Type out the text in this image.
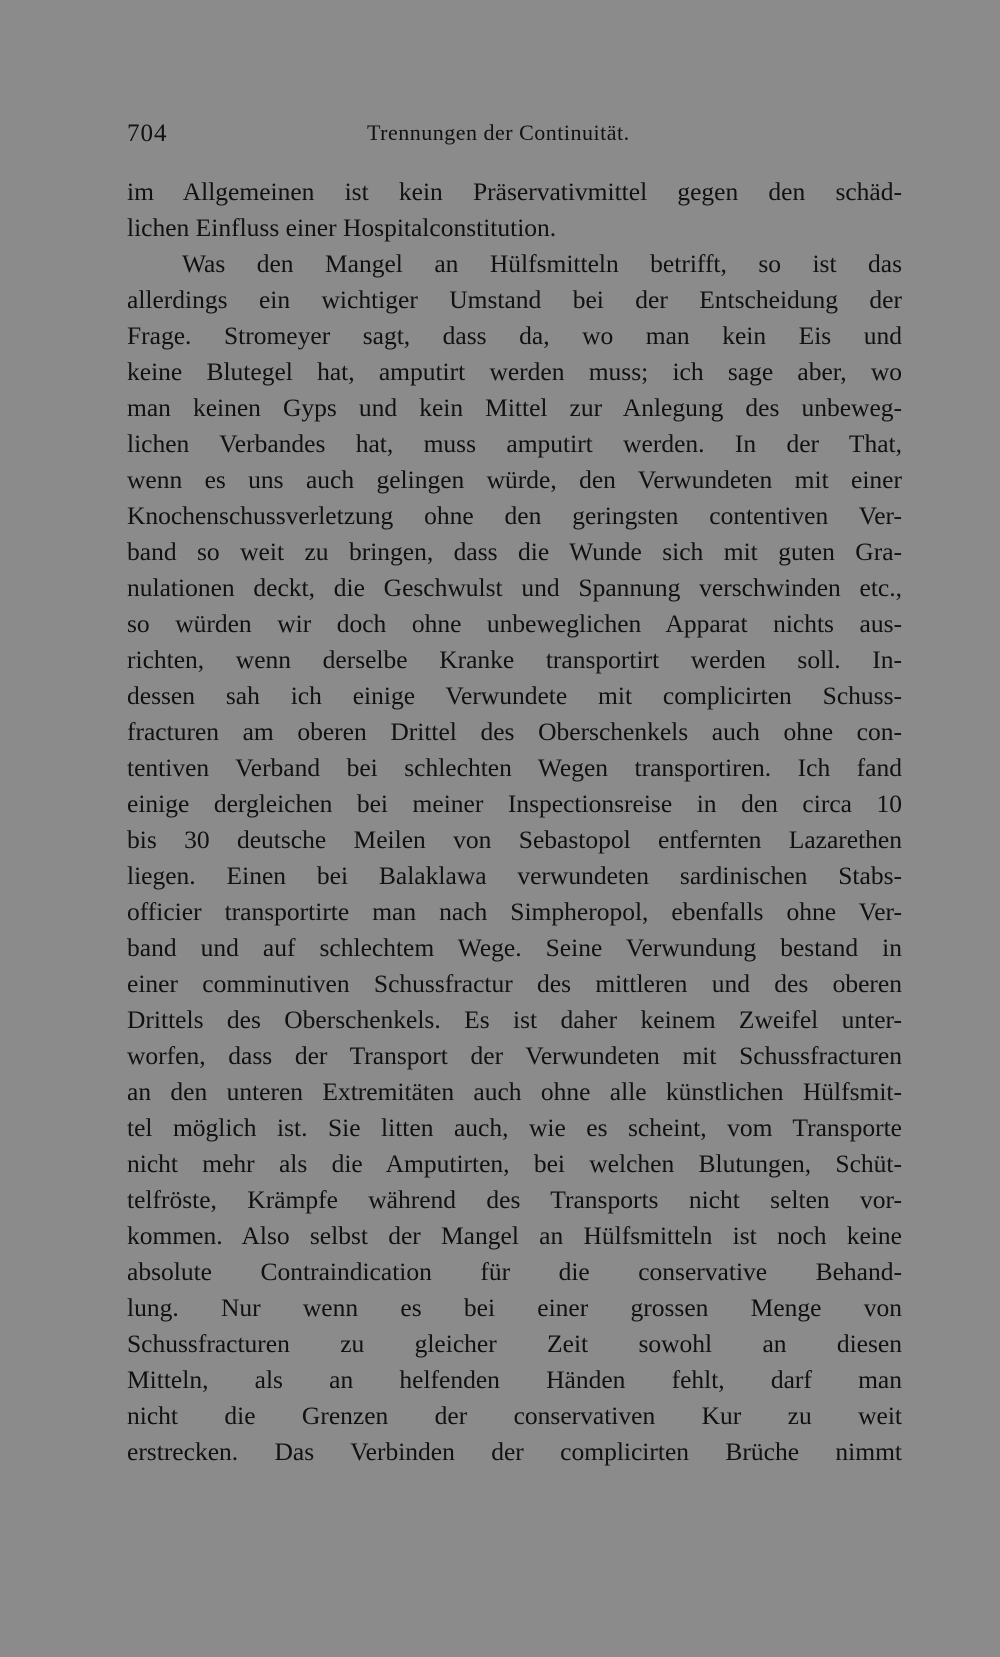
704	Trennungen der Continuität.
im Allgemeinen ist kein Präservativmittel gegen den schäd-
lichen Einfluss einer Hospitalconstitution.
Was den Mangel an Hülfsmitteln betrifft, so ist das
allerdings ein wichtiger Umstand bei der Entscheidung der
Frage. Stromeyer sagt, dass da, wo man kein Eis und
keine Blutegel hat, amputirt werden muss; ich sage aber, wo
man keinen Gyps und kein Mittel zur Anlegung des unbeweg-
lichen Verbandes hat, muss amputirt werden. In der That,
wenn es uns auch gelingen würde, den Verwundeten mit einer
Knochenschussverletzung ohne den geringsten contentiven Ver-
band so weit zu bringen, dass die Wunde sich mit guten Gra-
nulationen deckt, die Geschwulst und Spannung verschwinden etc.,
so würden wir doch ohne unbeweglichen Apparat nichts aus-
richten, wenn derselbe Kranke transportirt werden soll. In-
dessen sah ich einige Verwundete mit complicirten Schuss-
fracturen am oberen Drittel des Oberschenkels auch ohne con-
tentiven Verband bei schlechten Wegen transportiren. Ich fand
einige dergleichen bei meiner Inspectionsreise in den circa 10
bis 30 deutsche Meilen von Sebastopol entfernten Lazarethen
liegen. Einen bei Balaklawa verwundeten sardinischen Stabs-
officier transportirte man nach Simpheropol, ebenfalls ohne Ver-
band und auf schlechtem Wege. Seine Verwundung bestand in
einer comminutiven Schussfractur des mittleren und des oberen
Drittels des Oberschenkels. Es ist daher keinem Zweifel unter-
worfen, dass der Transport der Verwundeten mit Schussfracturen
an den unteren Extremitäten auch ohne alle künstlichen Hülfsmit-
tel möglich ist. Sie litten auch, wie es scheint, vom Transporte
nicht mehr als die Amputirten, bei welchen Blutungen, Schüt-
telfröste, Krämpfe während des Transports nicht selten vor-
kommen. Also selbst der Mangel an Hülfsmitteln ist noch keine
absolute Contraindication für die conservative Behand-
lung. Nur wenn es bei einer grossen Menge von
Schussfracturen zu gleicher Zeit sowohl an diesen
Mitteln, als an helfenden Händen fehlt, darf man
nicht die Grenzen der conservativen Kur zu weit
erstrecken. Das Verbinden der complicirten Brüche nimmt
